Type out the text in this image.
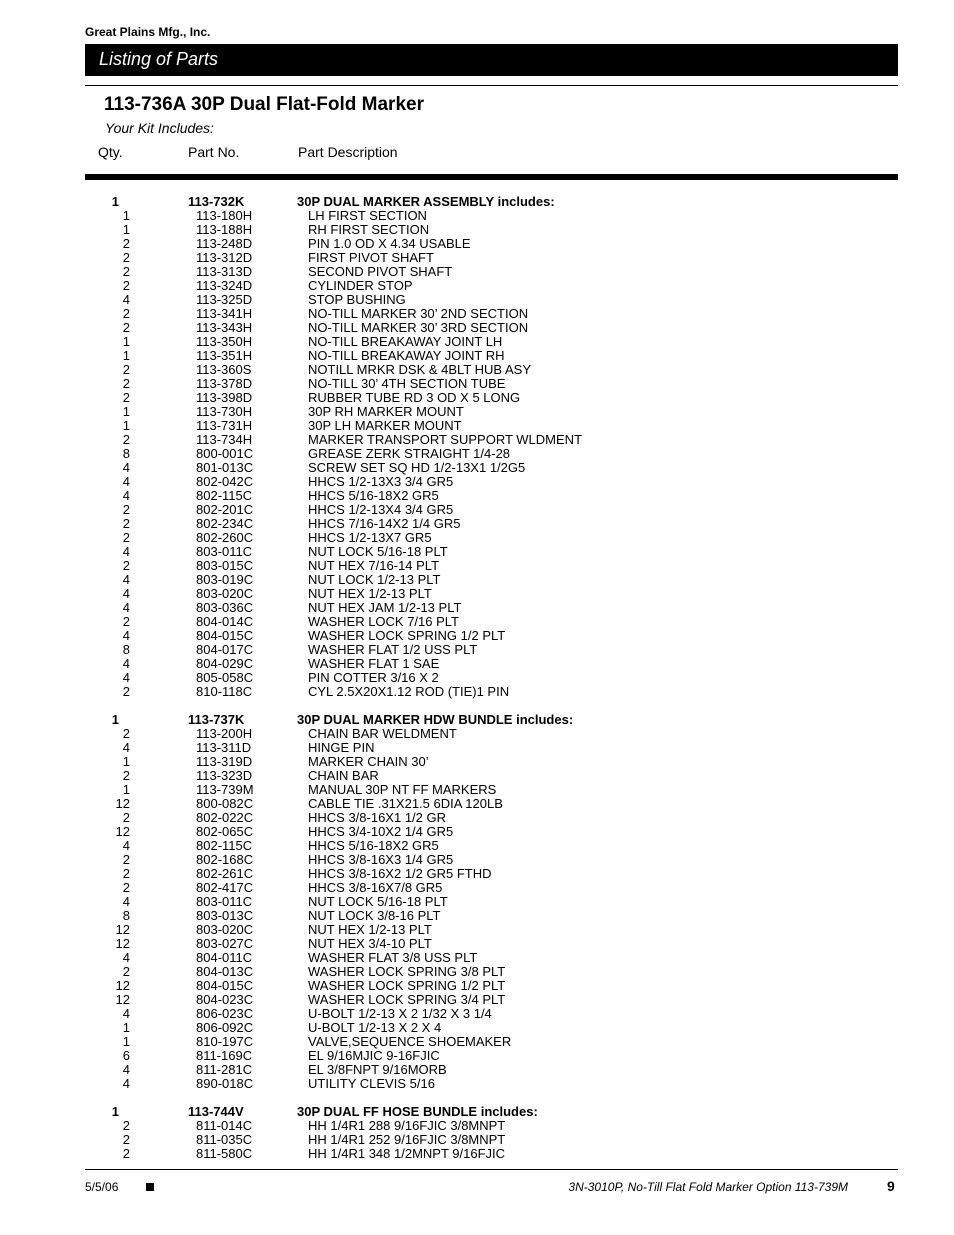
Great Plains Mfg., Inc.
Listing of Parts
113-736A 30P Dual Flat-Fold Marker
Your Kit Includes:
Qty.	Part No.	Part Description
1	113-732K	30P DUAL MARKER ASSEMBLY includes:
1	113-180H	LH FIRST SECTION
1	113-188H	RH FIRST SECTION
2	113-248D	PIN 1.0 OD X 4.34 USABLE
2	113-312D	FIRST PIVOT SHAFT
2	113-313D	SECOND PIVOT SHAFT
2	113-324D	CYLINDER STOP
4	113-325D	STOP BUSHING
2	113-341H	NO-TILL MARKER 30’ 2ND SECTION
2	113-343H	NO-TILL MARKER 30’ 3RD SECTION
1	113-350H	NO-TILL BREAKAWAY JOINT LH
1	113-351H	NO-TILL BREAKAWAY JOINT RH
2	113-360S	NOTILL MRKR DSK & 4BLT HUB ASY
2	113-378D	NO-TILL 30’ 4TH SECTION TUBE
2	113-398D	RUBBER TUBE RD 3 OD X 5 LONG
1	113-730H	30P RH MARKER MOUNT
1	113-731H	30P LH MARKER MOUNT
2	113-734H	MARKER TRANSPORT SUPPORT WLDMENT
8	800-001C	GREASE ZERK STRAIGHT 1/4-28
4	801-013C	SCREW SET SQ HD 1/2-13X1 1/2G5
4	802-042C	HHCS 1/2-13X3 3/4 GR5
4	802-115C	HHCS 5/16-18X2 GR5
2	802-201C	HHCS 1/2-13X4 3/4 GR5
2	802-234C	HHCS 7/16-14X2 1/4 GR5
2	802-260C	HHCS 1/2-13X7 GR5
4	803-011C	NUT LOCK 5/16-18 PLT
2	803-015C	NUT HEX 7/16-14 PLT
4	803-019C	NUT LOCK 1/2-13 PLT
4	803-020C	NUT HEX 1/2-13 PLT
4	803-036C	NUT HEX JAM 1/2-13 PLT
2	804-014C	WASHER LOCK 7/16 PLT
4	804-015C	WASHER LOCK SPRING 1/2 PLT
8	804-017C	WASHER FLAT 1/2 USS PLT
4	804-029C	WASHER FLAT 1 SAE
4	805-058C	PIN COTTER 3/16 X 2
2	810-118C	CYL 2.5X20X1.12 ROD (TIE)1 PIN
1	113-737K	30P DUAL MARKER HDW BUNDLE includes:
2	113-200H	CHAIN BAR WELDMENT
4	113-311D	HINGE PIN
1	113-319D	MARKER CHAIN 30’
2	113-323D	CHAIN BAR
1	113-739M	MANUAL 30P NT FF MARKERS
12	800-082C	CABLE TIE .31X21.5 6DIA 120LB
2	802-022C	HHCS 3/8-16X1 1/2 GR
12	802-065C	HHCS 3/4-10X2 1/4 GR5
4	802-115C	HHCS 5/16-18X2 GR5
2	802-168C	HHCS 3/8-16X3 1/4 GR5
2	802-261C	HHCS 3/8-16X2 1/2 GR5 FTHD
2	802-417C	HHCS 3/8-16X7/8 GR5
4	803-011C	NUT LOCK 5/16-18 PLT
8	803-013C	NUT LOCK 3/8-16 PLT
12	803-020C	NUT HEX 1/2-13 PLT
12	803-027C	NUT HEX 3/4-10 PLT
4	804-011C	WASHER FLAT 3/8 USS PLT
2	804-013C	WASHER LOCK SPRING 3/8 PLT
12	804-015C	WASHER LOCK SPRING 1/2 PLT
12	804-023C	WASHER LOCK SPRING 3/4 PLT
4	806-023C	U-BOLT 1/2-13 X 2 1/32 X 3 1/4
1	806-092C	U-BOLT 1/2-13 X 2 X 4
1	810-197C	VALVE,SEQUENCE SHOEMAKER
6	811-169C	EL 9/16MJIC 9-16FJIC
4	811-281C	EL 3/8FNPT 9/16MORB
4	890-018C	UTILITY CLEVIS 5/16
1	113-744V	30P DUAL FF HOSE BUNDLE includes:
2	811-014C	HH 1/4R1 288 9/16FJIC 3/8MNPT
2	811-035C	HH 1/4R1 252 9/16FJIC 3/8MNPT
2	811-580C	HH 1/4R1 348 1/2MNPT 9/16FJIC
5/5/06	3N-3010P, No-Till Flat Fold Marker Option 113-739M	9
